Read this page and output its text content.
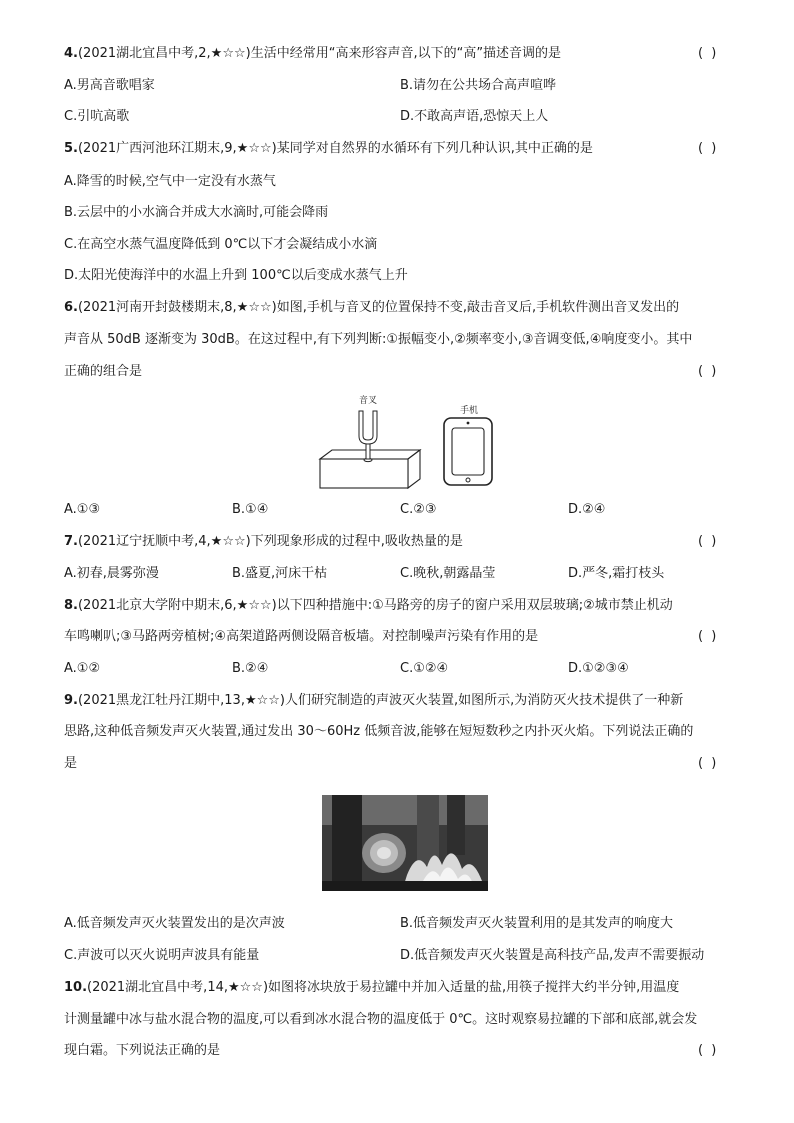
4.(2021湖北宜昌中考,2,★☆☆)生活中经常用“高来形容声音,以下的“高”描述音调的是	( )
A.男高音歌唱家	B.请勿在公共场合高声喧哗
C.引吭高歌	D.不敢高声语,恐惊天上人
5.(2021广西河池环江期末,9,★☆☆)某同学对自然界的水循环有下列几种认识,其中正确的是	( )
A.降雪的时候,空气中一定没有水蒸气
B.云层中的小水滴合并成大水滴时,可能会降雨
C.在高空水蒸气温度降低到 0℃以下才会凝结成小水滴
D.太阳光使海洋中的水温上升到 100℃以后变成水蒸气上升
6.(2021河南开封鼓楼期末,8,★☆☆)如图,手机与音叉的位置保持不变,敲击音叉后,手机软件测出音叉发出的
声音从 50dB 逐渐变为 30dB。在这过程中,有下列判断:①振幅变小,②频率变小,③音调变低,④响度变小。其中
正确的组合是	( )
音叉
手机
A.①③	B.①④	C.②③	D.②④
7.(2021辽宁抚顺中考,4,★☆☆)下列现象形成的过程中,吸收热量的是	( )
A.初春,晨雾弥漫	B.盛夏,河床干枯	C.晚秋,朝露晶莹	D.严冬,霜打枝头
8.(2021北京大学附中期末,6,★☆☆)以下四种措施中:①马路旁的房子的窗户采用双层玻璃;②城市禁止机动
车鸣喇叭;③马路两旁植树;④高架道路两侧设隔音板墙。对控制噪声污染有作用的是	( )
A.①②	B.②④	C.①②④	D.①②③④
9.(2021黑龙江牡丹江期中,13,★☆☆)人们研究制造的声波灭火装置,如图所示,为消防灭火技术提供了一种新
思路,这种低音频发声灭火装置,通过发出 30～60Hz 低频音波,能够在短短数秒之内扑灭火焰。下列说法正确的
是	( )
A.低音频发声灭火装置发出的是次声波	B.低音频发声灭火装置利用的是其发声的响度大
C.声波可以灭火说明声波具有能量	D.低音频发声灭火装置是高科技产品,发声不需要振动
10.(2021湖北宜昌中考,14,★☆☆)如图将冰块放于易拉罐中并加入适量的盐,用筷子搅拌大约半分钟,用温度
计测量罐中冰与盐水混合物的温度,可以看到冰水混合物的温度低于 0℃。这时观察易拉罐的下部和底部,就会发
现白霜。下列说法正确的是	( )
